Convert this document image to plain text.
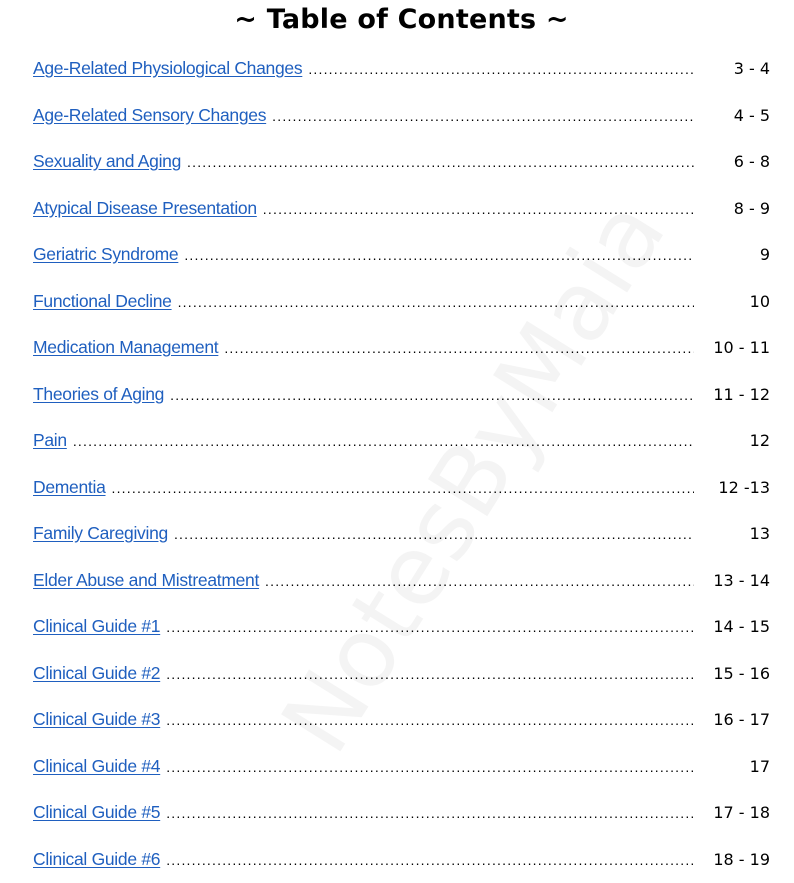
~ Table of Contents ~
Age-Related Physiological Changes .....	3 - 4
Age-Related Sensory Changes .....	4 - 5
Sexuality and Aging .....	6 - 8
Atypical Disease Presentation .....	8 - 9
Geriatric Syndrome .....	9
Functional Decline .....	10
Medication Management .....	10 - 11
Theories of Aging .....	11 - 12
Pain .....	12
Dementia .....	12 -13
Family Caregiving .....	13
Elder Abuse and Mistreatment .....	13 - 14
Clinical Guide #1 .....	14 - 15
Clinical Guide #2 .....	15 - 16
Clinical Guide #3 .....	16 - 17
Clinical Guide #4 .....	17
Clinical Guide #5 .....	17 - 18
Clinical Guide #6 .....	18 - 19
